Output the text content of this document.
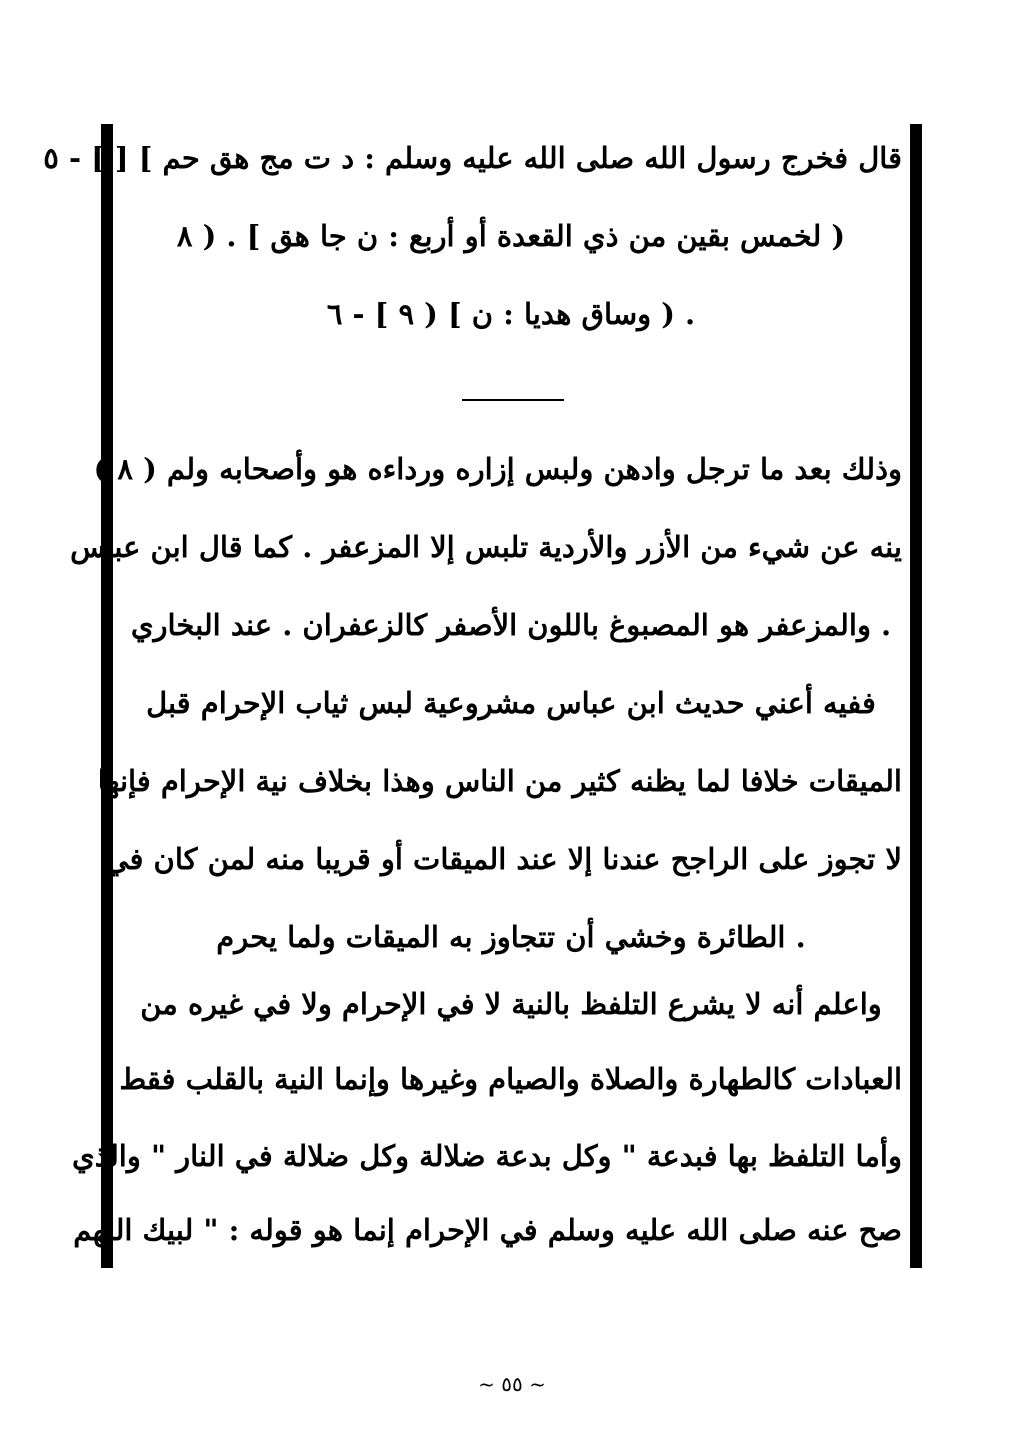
قال فخرج رسول الله صلى الله عليه وسلم : د ت مج هق حم ] [ ] - ٥
( لخمس بقين من ذي القعدة أو أربع : ن جا هق ] . ( ٨
. ( وساق هديا : ن ] ( ٩ ] - ٦
وذلك بعد ما ترجل وادهن ولبس إزاره ورداءه هو وأصحابه ولم ( ٨ )
ينه عن شيء من الأزر والأردية تلبس إلا المزعفر . كما قال ابن عباس
. والمزعفر هو المصبوغ باللون الأصفر كالزعفران . عند البخاري
ففيه أعني حديث ابن عباس مشروعية لبس ثياب الإحرام قبل
الميقات خلافا لما يظنه كثير من الناس وهذا بخلاف نية الإحرام فإنها
لا تجوز على الراجح عندنا إلا عند الميقات أو قريبا منه لمن كان في
. الطائرة وخشي أن تتجاوز به الميقات ولما يحرم
واعلم أنه لا يشرع التلفظ بالنية لا في الإحرام ولا في غيره من
العبادات كالطهارة والصلاة والصيام وغيرها وإنما النية بالقلب فقط
وأما التلفظ بها فبدعة " وكل بدعة ضلالة وكل ضلالة في النار " والذي
صح عنه صلى الله عليه وسلم في الإحرام إنما هو قوله : " لبيك اللهم
~ ٥٥ ~
